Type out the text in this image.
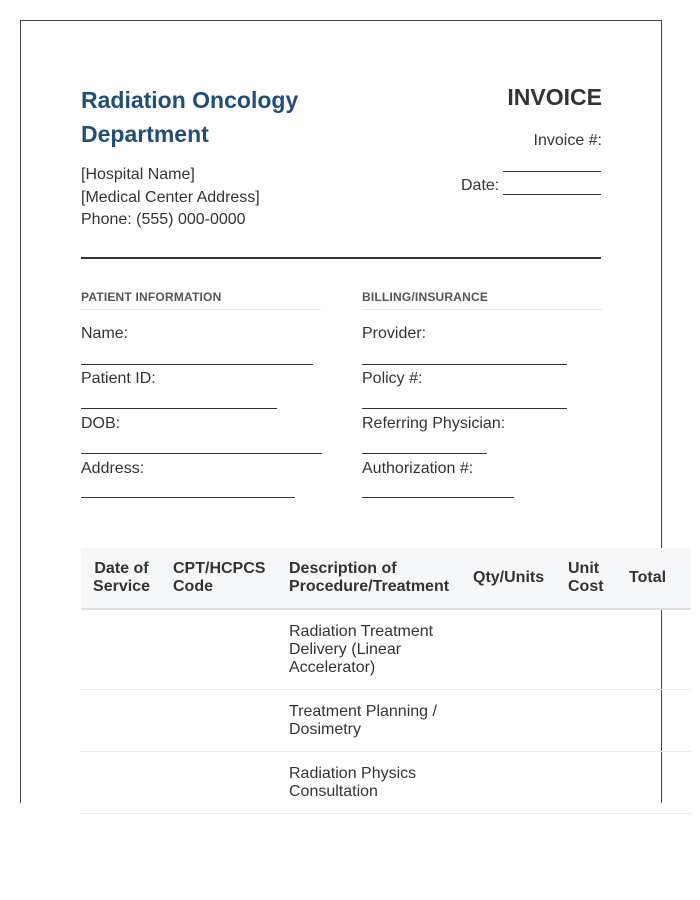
Radiation Oncology Department
[Hospital Name]
[Medical Center Address]
Phone: (555) 000-0000
INVOICE
Invoice #:
Date:
PATIENT INFORMATION
Name:
Patient ID:
DOB:
Address:
BILLING/INSURANCE
Provider:
Policy #:
Referring Physician:
Authorization #:
Date of Service	CPT/HCPCS Code	Description of Procedure/Treatment	Qty/Units	Unit Cost	Total
		Radiation Treatment Delivery (Linear Accelerator)			
		Treatment Planning / Dosimetry			
		Radiation Physics Consultation			
